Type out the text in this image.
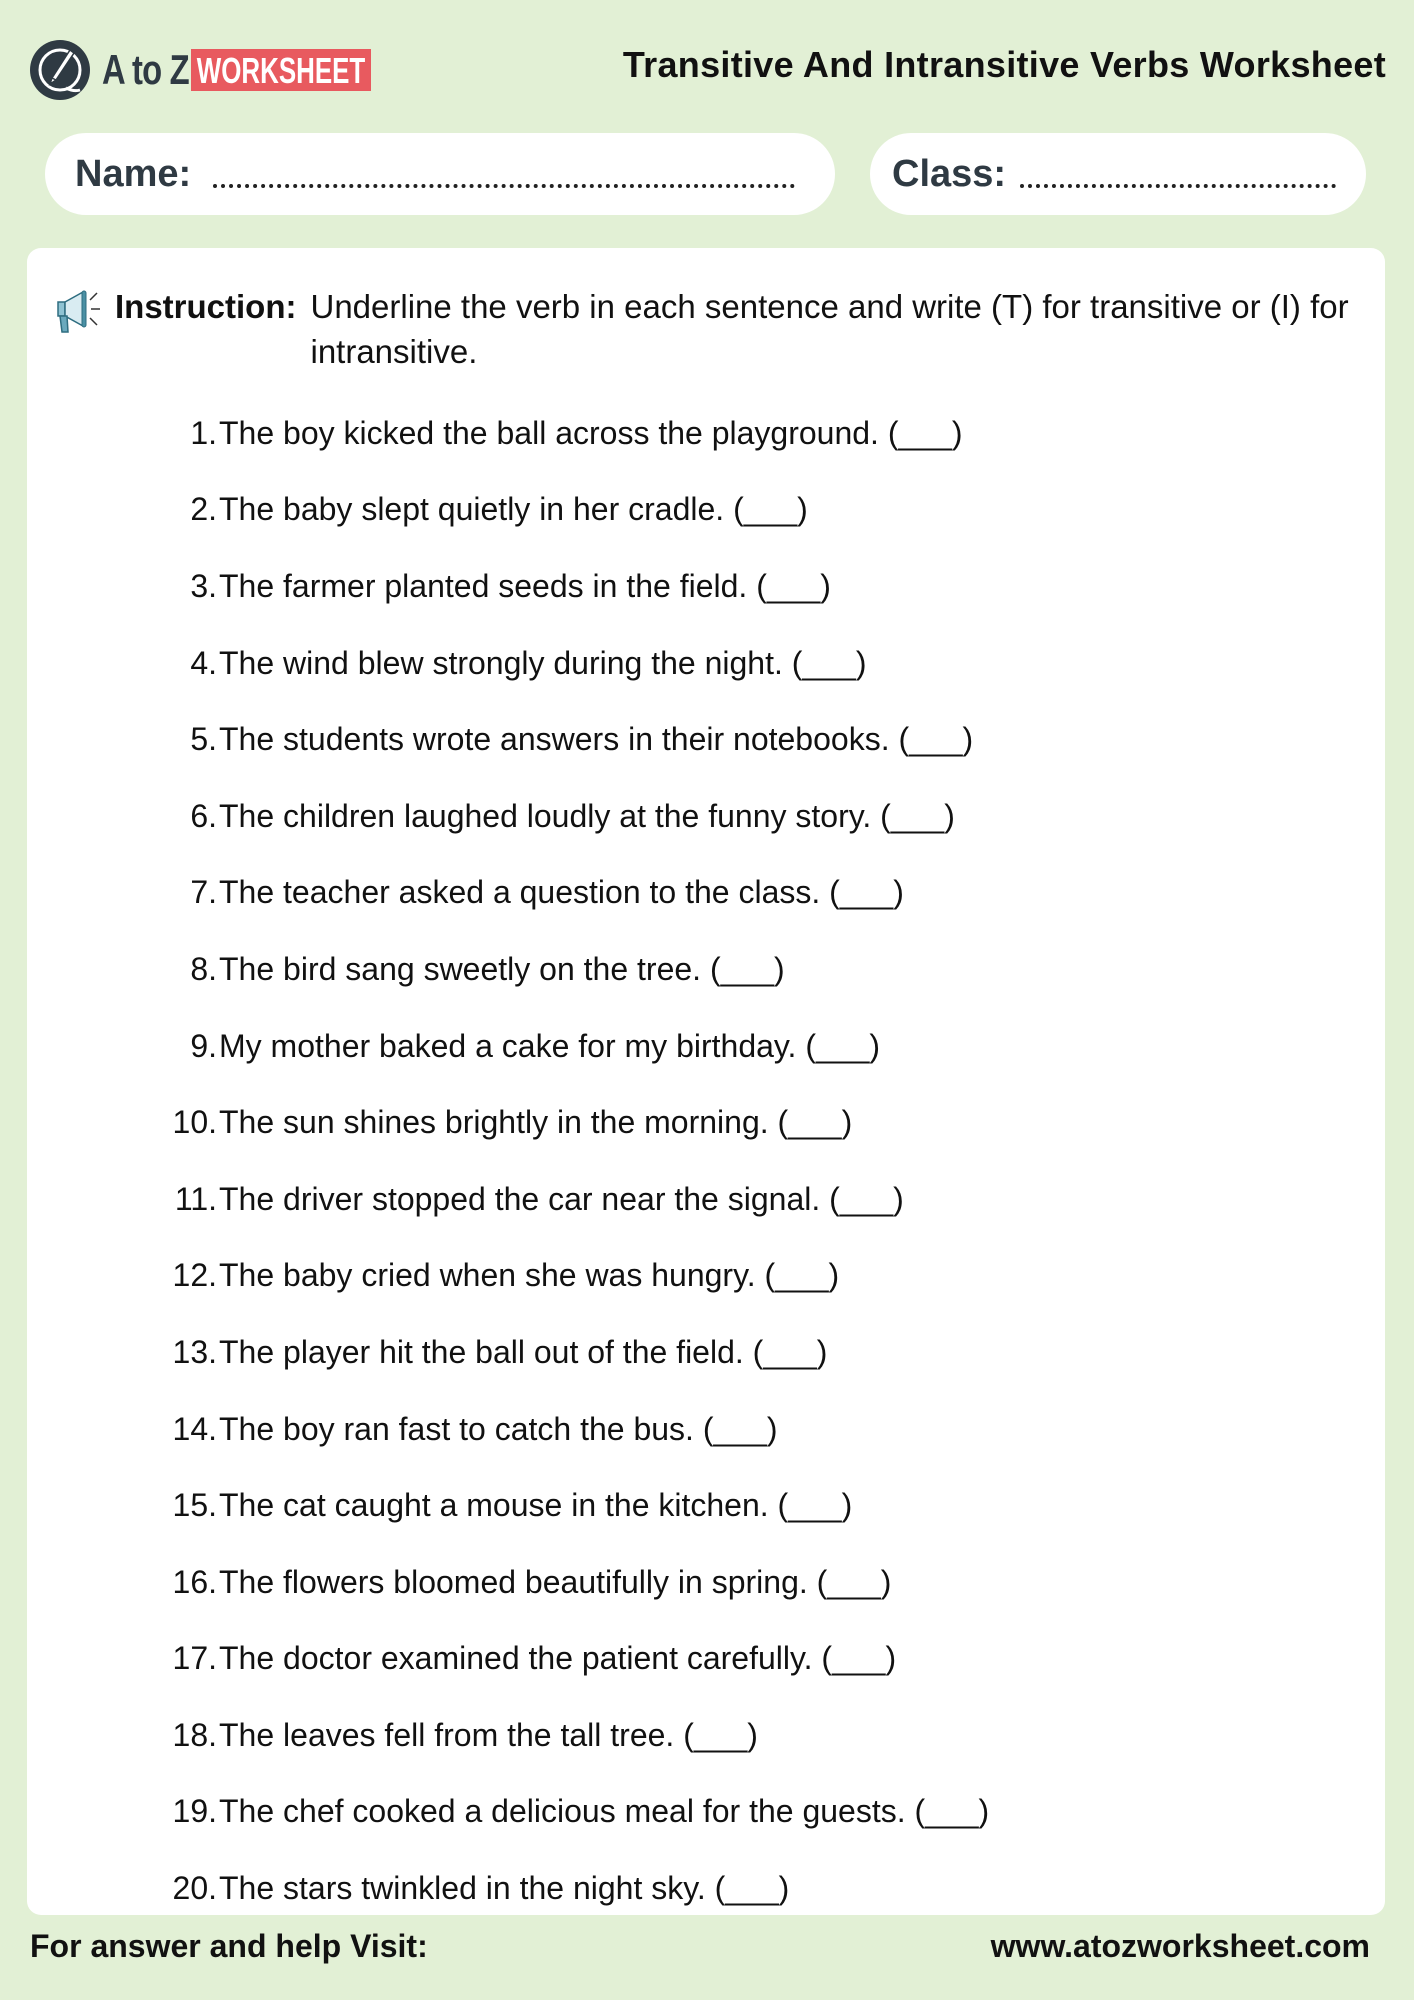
A to Z WORKSHEET	Transitive And Intransitive Verbs Worksheet
Name:	Class:
Instruction: Underline the verb in each sentence and write (T) for transitive or (I) for intransitive.
1. The boy kicked the ball across the playground. (___)
2. The baby slept quietly in her cradle. (___)
3. The farmer planted seeds in the field. (___)
4. The wind blew strongly during the night. (___)
5. The students wrote answers in their notebooks. (___)
6. The children laughed loudly at the funny story. (___)
7. The teacher asked a question to the class. (___)
8. The bird sang sweetly on the tree. (___)
9. My mother baked a cake for my birthday. (___)
10. The sun shines brightly in the morning. (___)
11. The driver stopped the car near the signal. (___)
12. The baby cried when she was hungry. (___)
13. The player hit the ball out of the field. (___)
14. The boy ran fast to catch the bus. (___)
15. The cat caught a mouse in the kitchen. (___)
16. The flowers bloomed beautifully in spring. (___)
17. The doctor examined the patient carefully. (___)
18. The leaves fell from the tall tree. (___)
19. The chef cooked a delicious meal for the guests. (___)
20. The stars twinkled in the night sky. (___)
For answer and help Visit:	www.atozworksheet.com
